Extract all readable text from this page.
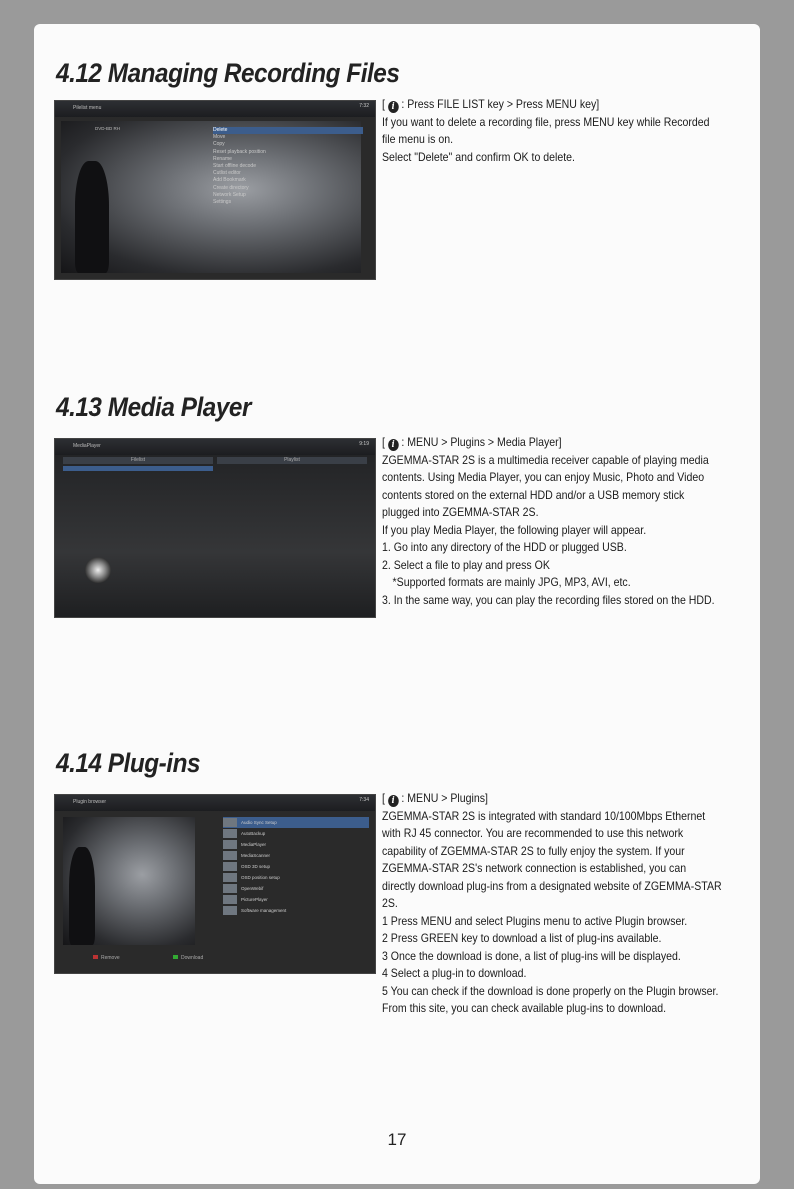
4.12 Managing Recording Files
Pilelist menu	7:32
DVD-BD RH	Delete
Move
Copy
Reset playback position
Rename
Start offline decode
Cutlist editor
Add Bookmark
Create directory
Network Setup
Settings

[ i : Press FILE LIST key > Press MENU key]

If you want to delete a recording file, press MENU key while Recorded file menu is on.

Select "Delete" and confirm OK to delete.

4.13 Media Player
MediaPlayer	9:19
Filelist	Playlist

[ i : MENU > Plugins > Media Player]

ZGEMMA-STAR 2S is a multimedia receiver capable of playing media contents. Using Media Player, you can enjoy Music, Photo and Video contents stored on the external HDD and/or a USB memory stick plugged into ZGEMMA-STAR 2S.

If you play Media Player, the following player will appear.

1. Go into any directory of the HDD or plugged USB.

2. Select a file to play and press OK

*Supported formats are mainly JPG, MP3, AVI, etc.

3. In the same way, you can play the recording files stored on the HDD.

4.14 Plug-ins
Plugin browser	7:34
Audio Sync Setup
AutoBackup
MediaPlayer
MediaScanner
OSD 3D setup
OSD position setup
OpenWebif
PicturePlayer
Software management
Remove	Download

[ i : MENU > Plugins]

ZGEMMA-STAR 2S is integrated with standard 10/100Mbps Ethernet with RJ 45 connector. You are recommended to use this network capability of ZGEMMA-STAR 2S to fully enjoy the system. If your ZGEMMA-STAR 2S's network connection is established, you can directly download plug-ins from a designated website of ZGEMMA-STAR 2S.

1 Press MENU and select Plugins menu to active Plugin browser.

2 Press GREEN key to download a list of plug-ins available.

3 Once the download is done, a list of plug-ins will be displayed.

4 Select a plug-in to download.

5 You can check if the download is done properly on the Plugin browser.

From this site, you can check available plug-ins to download.

17
